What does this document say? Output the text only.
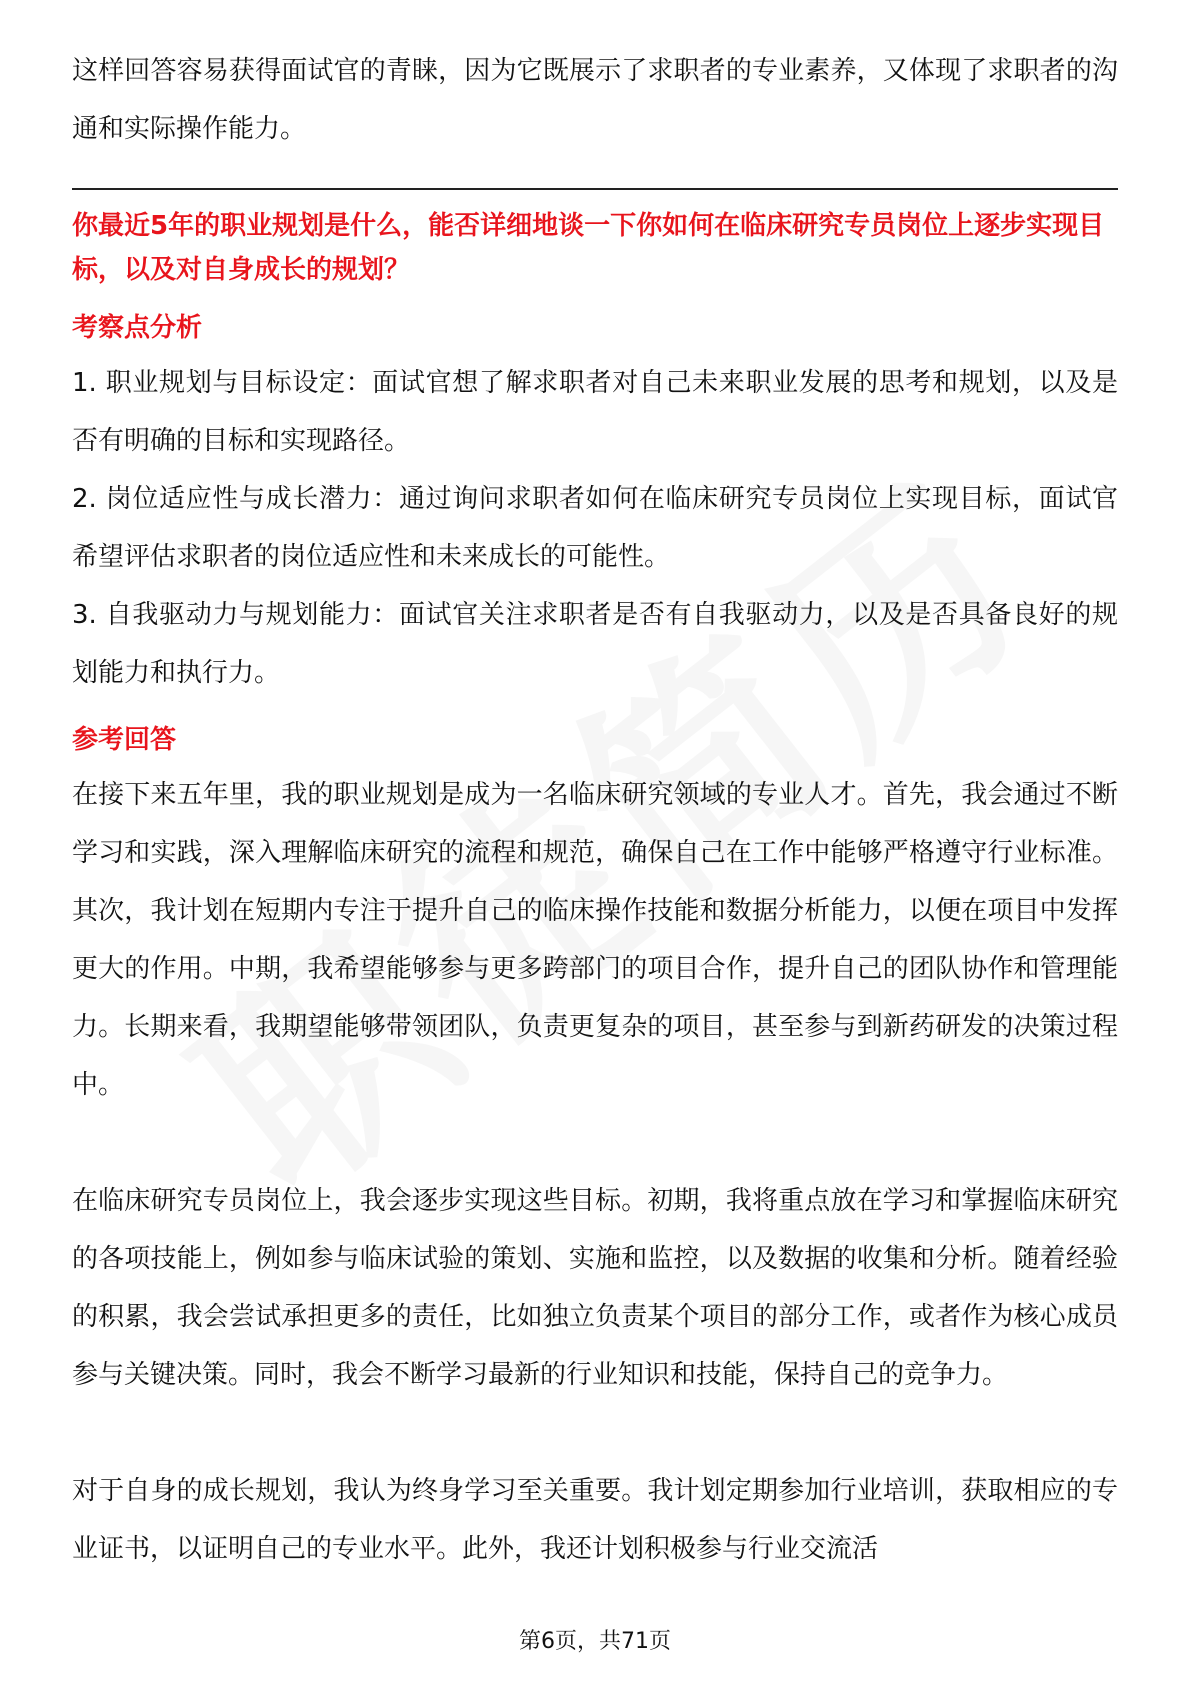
这样回答容易获得面试官的青睐，因为它既展示了求职者的专业素养，又体现了求职者的沟通和实际操作能力。

你最近5年的职业规划是什么，能否详细地谈一下你如何在临床研究专员岗位上逐步实现目标，以及对自身成长的规划？

考察点分析

1. 职业规划与目标设定：面试官想了解求职者对自己未来职业发展的思考和规划，以及是否有明确的目标和实现路径。

2. 岗位适应性与成长潜力：通过询问求职者如何在临床研究专员岗位上实现目标，面试官希望评估求职者的岗位适应性和未来成长的可能性。

3. 自我驱动力与规划能力：面试官关注求职者是否有自我驱动力，以及是否具备良好的规划能力和执行力。

参考回答

在接下来五年里，我的职业规划是成为一名临床研究领域的专业人才。首先，我会通过不断学习和实践，深入理解临床研究的流程和规范，确保自己在工作中能够严格遵守行业标准。其次，我计划在短期内专注于提升自己的临床操作技能和数据分析能力，以便在项目中发挥更大的作用。中期，我希望能够参与更多跨部门的项目合作，提升自己的团队协作和管理能力。长期来看，我期望能够带领团队，负责更复杂的项目，甚至参与到新药研发的决策过程中。

在临床研究专员岗位上，我会逐步实现这些目标。初期，我将重点放在学习和掌握临床研究的各项技能上，例如参与临床试验的策划、实施和监控，以及数据的收集和分析。随着经验的积累，我会尝试承担更多的责任，比如独立负责某个项目的部分工作，或者作为核心成员参与关键决策。同时，我会不断学习最新的行业知识和技能，保持自己的竞争力。

对于自身的成长规划，我认为终身学习至关重要。我计划定期参加行业培训，获取相应的专业证书，以证明自己的专业水平。此外，我还计划积极参与行业交流活

第6页，共71页
